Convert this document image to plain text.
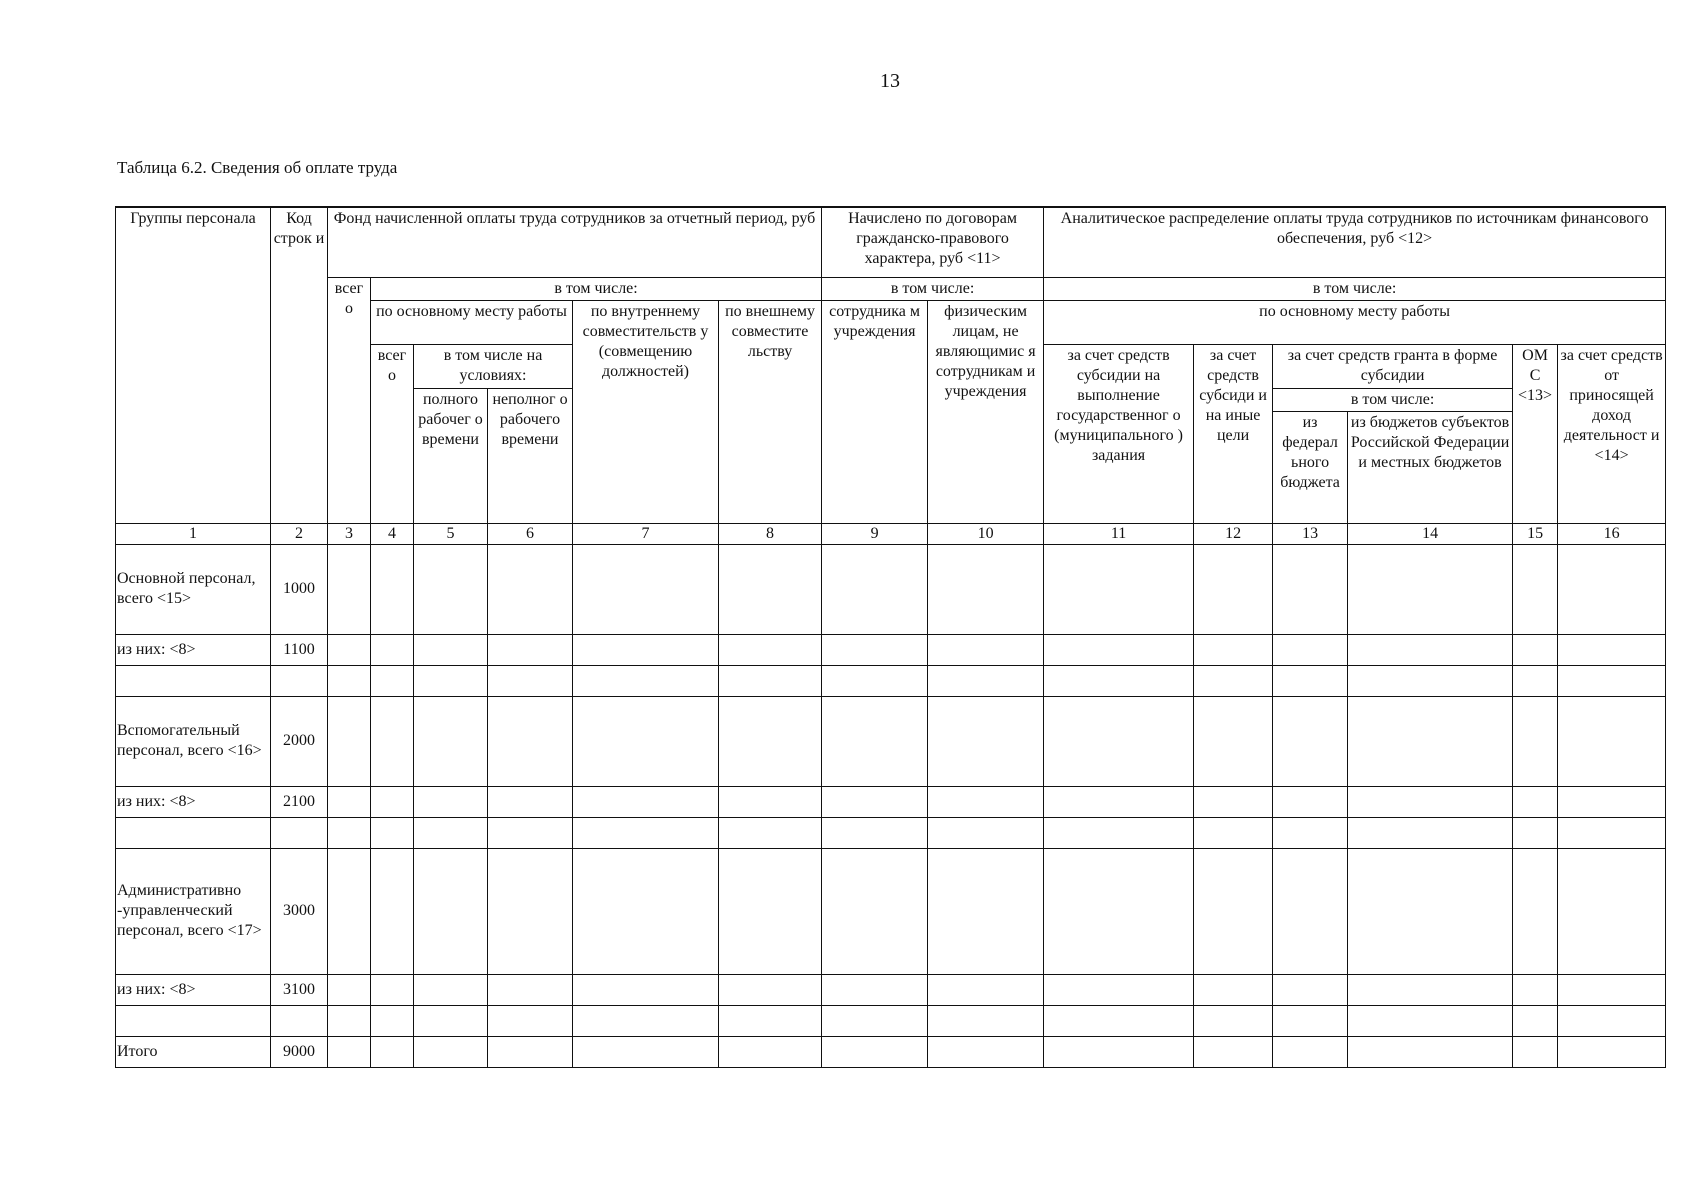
13
Таблица 6.2. Сведения об оплате труда
Группы персонала	Код строк и	Фонд начисленной оплаты труда сотрудников за отчетный период, руб						Начислено по договорам гражданско-правового характера, руб <11>		Аналитическое распределение оплаты труда сотрудников по источникам финансового обеспечения, руб <12>					
		всег о	в том числе:					в том числе:		в том числе:					
			по основному месту работы			по внутреннему совместительств у (совмещению должностей)	по внешнему совместите льству	сотрудника м учреждения	физическим лицам, не являющимис я сотрудникам и учреждения	по основному месту работы					
			всег о	в том числе на условиях:						за счет средств субсидии на выполнение государственног о (муниципального ) задания	за счет средств субсиди и на иные цели	за счет средств гранта в форме субсидии		ОМ С <13>	за счет средств от приносящей доход деятельност и <14>
				полного рабочег о времени	неполног о рабочего времени							в том числе:			
												из федерал ьного бюджета	из бюджетов субъектов Российской Федерации и местных бюджетов		
1	2	3	4	5	6	7	8	9	10	11	12	13	14	15	16
Основной персонал, всего <15>	1000														
из них: <8>	1100														

Вспомогательный персонал, всего <16>	2000														
из них: <8>	2100														

Административно -управленческий персонал, всего <17>	3000														
из них: <8>	3100														

Итого	9000														
